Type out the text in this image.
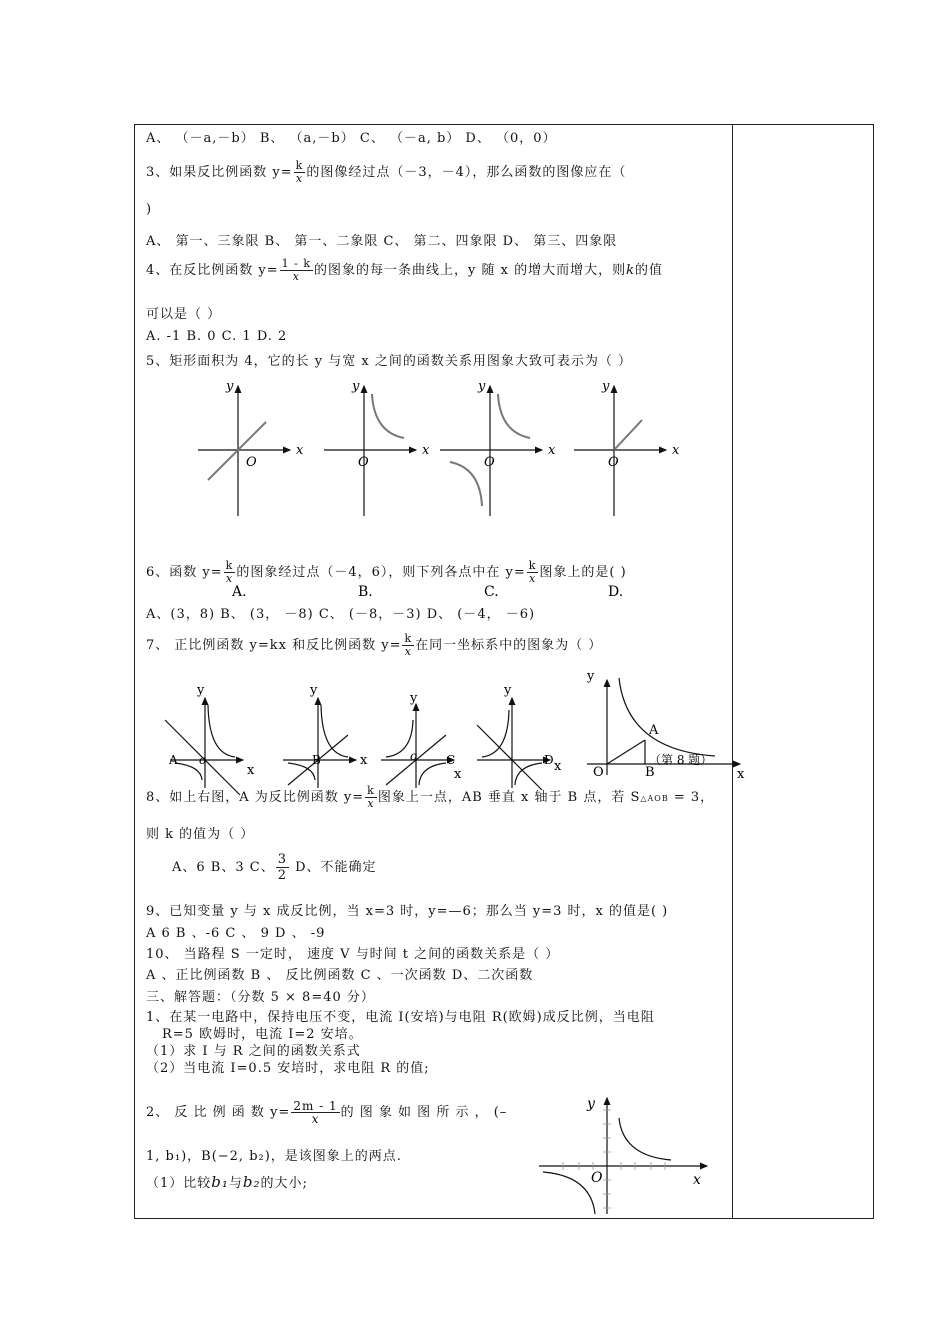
A、 （－a,－b） B、 （a,－b） C、 （－a, b） D、 （0，0）
3、如果反比例函数 $y= \frac{k}{x}$ 的图像经过点（－3，－4），那么函数的图像应在（
)
A、 第一、三象限 B、 第一、二象限 C、 第二、四象限 D、 第三、四象限
4、在反比例函数 $y= \frac{1 - k}{x}$ 的图象的每一条曲线上，y 随 x 的增大而增大，则k的值
可以是（ ）
A. -1 B. 0 C. 1 D. 2
5、矩形面积为 4，它的长 y 与宽 x 之间的函数关系用图象大致可表示为（ ）
x
y
O
A.
x
y
O
B.
x
y
O
C.
x
y
O
D.
6、函数 $y= \frac{k}{x}$ 的图象经过点（－4，6），则下列各点中在 $y= \frac{k}{x}$ 图象上的是( )
A、(3，8) B、 (3， －8) C、 (－8，－3) D、 (－4， －6)
7、 正比例函数 y=kx 和反比例函数 $y= \frac{k}{x}$ 在同一坐标系中的图象为（ ）
A
y
o
x
B
y
x	C
y
o
x
D
y
x
y
x
O
A
B
（第 8 题）
8、如上右图，A 为反比例函数 $y= \frac{k}{x}$ 图象上一点，AB 垂直 x 轴于 B 点，若 S△AOB = 3，
则 k 的值为（ ）
A、6 B、3 C、 $\frac{3}{2}$ D、不能确定
9、已知变量 y 与 x 成反比例，当 x=3 时，y=—6；那么当 y=3 时，x 的值是( )
A 6 B 、-6 C 、 9 D 、 -9
10、 当路程 S 一定时， 速度 V 与时间 t 之间的函数关系是（ ）
A 、正比例函数 B 、 反比例函数 C 、一次函数 D、二次函数
三、解答题：（分数 5 × 8=40 分）
1、在某一电路中，保持电压不变，电流 I(安培)与电阻 R(欧姆)成反比例，当电阻
R=5 欧姆时，电流 I=2 安培。
（1）求 I 与 R 之间的函数关系式
（2）当电流 I=0.5 安培时，求电阻 R 的值;
2、 反 比 例 函 数 $y= \frac{2m - 1}{x}$ 的 图 象 如 图 所 示 ， (–
1, b₁)，B(−2, b₂)，是该图象上的两点.
（1）比较b₁与b₂的大小;
y
x
O
